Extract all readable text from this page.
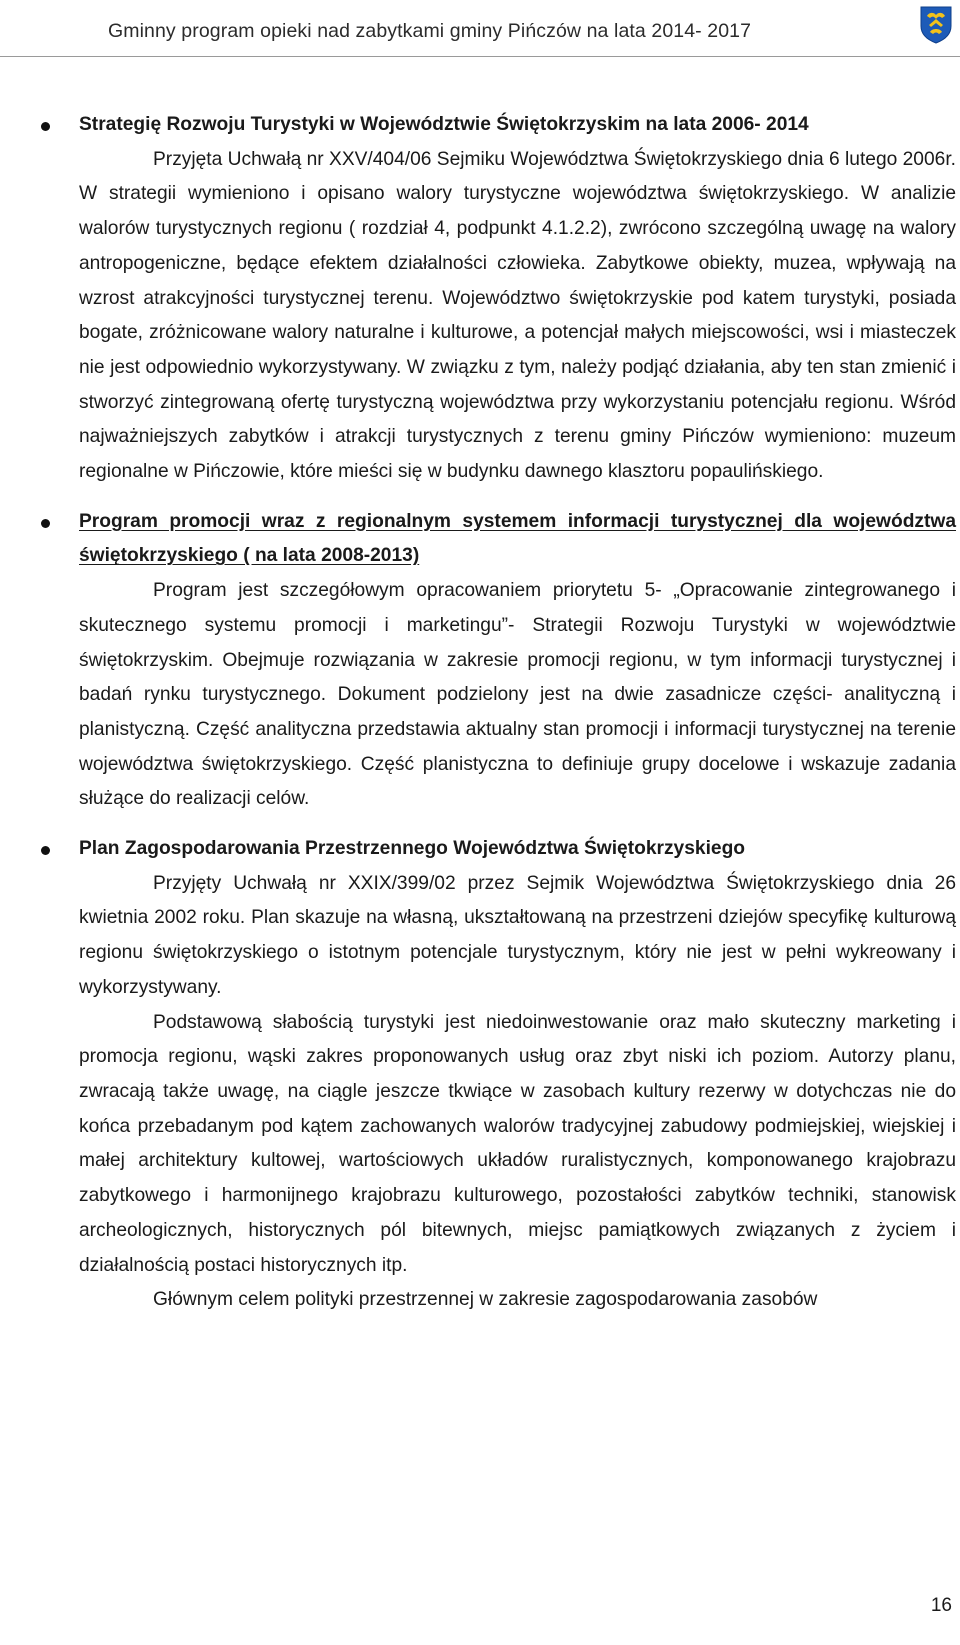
Gminny program opieki nad zabytkami gminy Pińczów na lata 2014- 2017
Strategię Rozwoju Turystyki w Województwie Świętokrzyskim na lata 2006- 2014
Przyjęta Uchwałą nr XXV/404/06 Sejmiku Województwa Świętokrzyskiego dnia 6 lutego 2006r. W strategii wymieniono i opisano walory turystyczne województwa świętokrzyskiego. W analizie walorów turystycznych regionu ( rozdział 4, podpunkt 4.1.2.2), zwrócono szczególną uwagę na walory antropogeniczne, będące efektem działalności człowieka. Zabytkowe obiekty, muzea, wpływają na wzrost atrakcyjności turystycznej terenu. Województwo świętokrzyskie pod katem turystyki, posiada bogate, zróżnicowane walory naturalne i kulturowe, a potencjał małych miejscowości, wsi i miasteczek nie jest odpowiednio wykorzystywany. W związku z tym, należy podjąć działania, aby ten stan zmienić i stworzyć zintegrowaną ofertę turystyczną województwa przy wykorzystaniu potencjału regionu. Wśród najważniejszych zabytków i atrakcji turystycznych z terenu gminy Pińczów wymieniono: muzeum regionalne w Pińczowie, które mieści się w budynku dawnego klasztoru popaulińskiego.
Program promocji wraz z regionalnym systemem informacji turystycznej dla województwa świętokrzyskiego ( na lata 2008-2013)
Program jest szczegółowym opracowaniem priorytetu 5- „Opracowanie zintegrowanego i skutecznego systemu promocji i marketingu”- Strategii Rozwoju Turystyki w województwie świętokrzyskim. Obejmuje rozwiązania w zakresie promocji regionu, w tym informacji turystycznej i badań rynku turystycznego. Dokument podzielony jest na dwie zasadnicze części- analityczną i planistyczną. Część analityczna przedstawia aktualny stan promocji i informacji turystycznej na terenie województwa świętokrzyskiego. Część planistyczna to definiuje grupy docelowe i wskazuje zadania służące do realizacji celów.
Plan Zagospodarowania Przestrzennego Województwa Świętokrzyskiego
Przyjęty Uchwałą nr XXIX/399/02 przez Sejmik Województwa Świętokrzyskiego dnia 26 kwietnia 2002 roku. Plan skazuje na własną, ukształtowaną na przestrzeni dziejów specyfikę kulturową regionu świętokrzyskiego o istotnym potencjale turystycznym, który nie jest w pełni wykreowany i wykorzystywany.
Podstawową słabością turystyki jest niedoinwestowanie oraz mało skuteczny marketing i promocja regionu, wąski zakres proponowanych usług oraz zbyt niski ich poziom. Autorzy planu, zwracają także uwagę, na ciągle jeszcze tkwiące w zasobach kultury rezerwy w dotychczas nie do końca przebadanym pod kątem zachowanych walorów tradycyjnej zabudowy podmiejskiej, wiejskiej i małej architektury kultowej, wartościowych układów ruralistycznych, komponowanego krajobrazu zabytkowego i harmonijnego krajobrazu kulturowego, pozostałości zabytków techniki, stanowisk archeologicznych, historycznych pól bitewnych, miejsc pamiątkowych związanych z życiem i działalnością postaci historycznych itp.
Głównym celem polityki przestrzennej w zakresie zagospodarowania zasobów
16
